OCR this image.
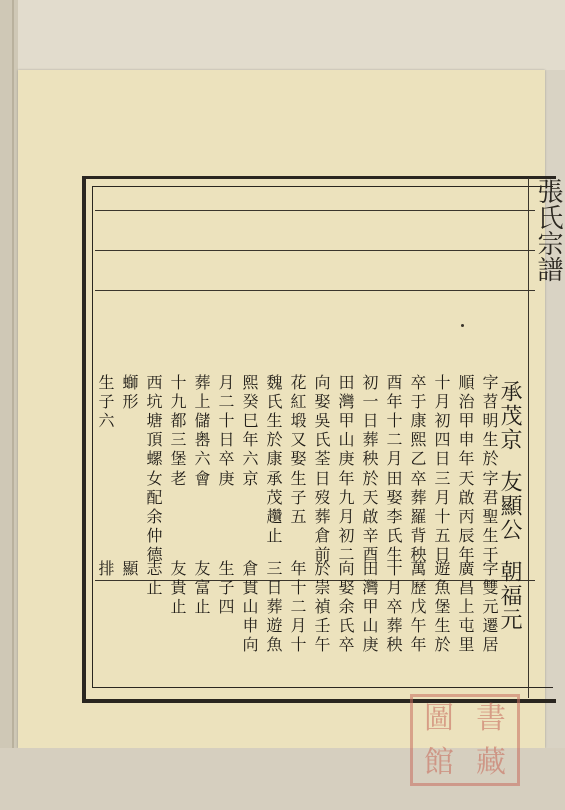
張氏宗譜
承茂京
字苕明生於
順治甲申年
十月初四日
卒于康熙乙
酉年十二月
初一日葬秧
田灣甲山庚
向娶吳氏荃
花紅塅又娶
魏氏生於康
熙癸巳年六
月二十日卒
葬上儲嶴六
十九都三堡
西坑塘頂螺
螄形
生子六
友顯公
字君聖生于
天啟丙辰年
三月十五日
卒葬羅背秧
田娶李氏生
於天啟辛酉
年九月初二
日歿葬倉前
生子五
承茂趲止
京
庚
會
老
女配余仲德
朝福元
字雙元遷居
廣昌上屯里
遊魚堡生於
萬歷戊午年
十月卒葬秧
田灣甲山庚
向娶余氏卒
於崇禎壬午
年十二月十
三日葬遊魚
倉貫山申向
生子四
友富止
友貴止
志止
顯
排
圖 書
館 藏
